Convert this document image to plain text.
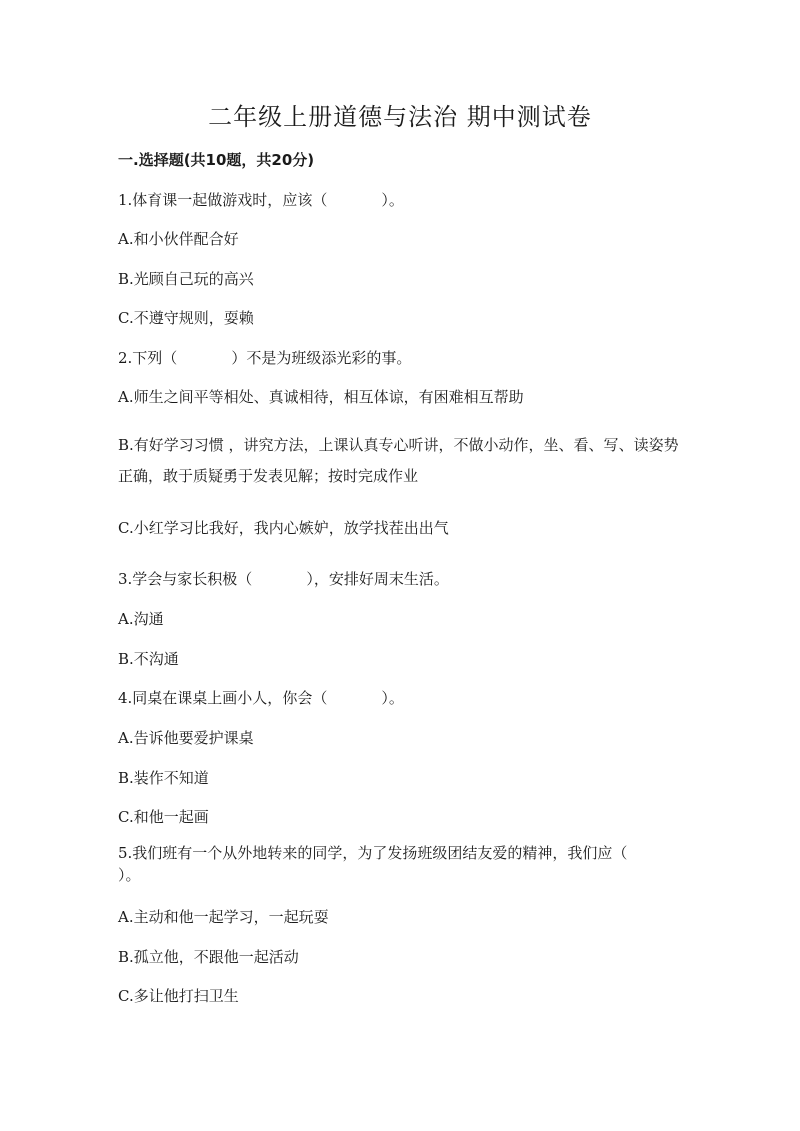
二年级上册道德与法治 期中测试卷
一.选择题(共10题，共20分)
1.体育课一起做游戏时，应该（	）。
A.和小伙伴配合好
B.光顾自己玩的高兴
C.不遵守规则，耍赖
2.下列（	）不是为班级添光彩的事。
A.师生之间平等相处、真诚相待，相互体谅，有困难相互帮助
B.有好学习习惯 ，讲究方法，上课认真专心听讲，不做小动作，坐、看、写、读姿势正确，敢于质疑勇于发表见解；按时完成作业
C.小红学习比我好，我内心嫉妒，放学找茬出出气
3.学会与家长积极（	），安排好周末生活。
A.沟通
B.不沟通
4.同桌在课桌上画小人，你会（	）。
A.告诉他要爱护课桌
B.装作不知道
C.和他一起画
5.我们班有一个从外地转来的同学，为了发扬班级团结友爱的精神，我们应（）。
A.主动和他一起学习，一起玩耍
B.孤立他，不跟他一起活动
C.多让他打扫卫生
